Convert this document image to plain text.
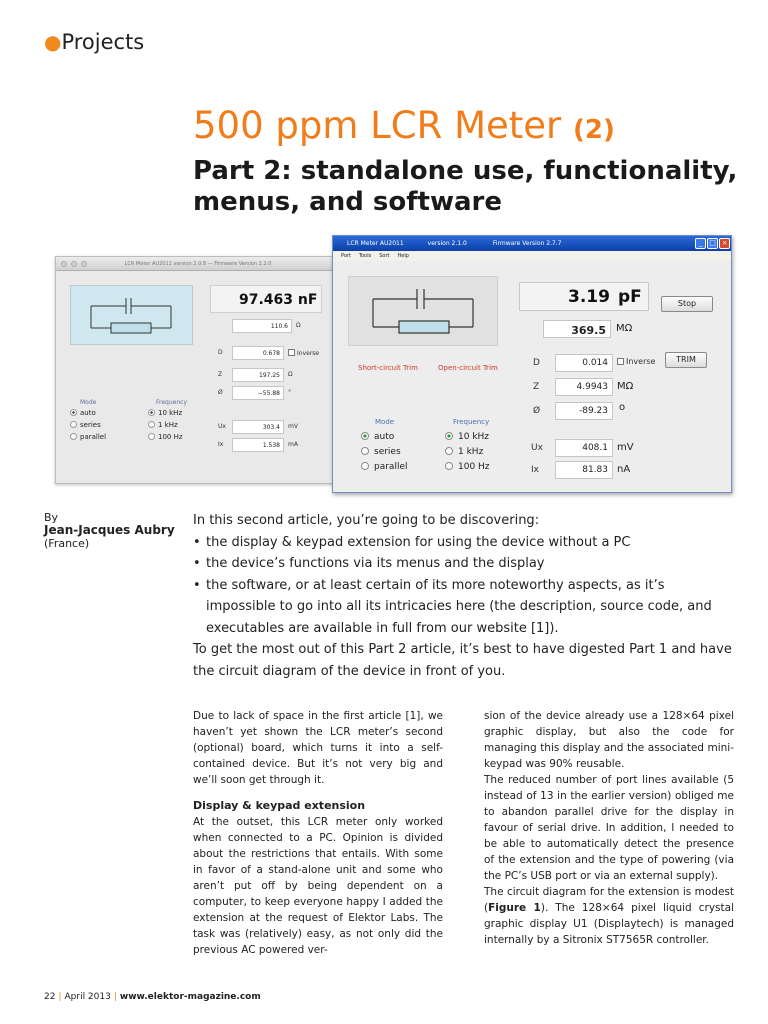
●Projects
500 ppm LCR Meter (2)
Part 2: standalone use, functionality, menus, and software
LCR Meter AU2011 version 2.0.8 — Firmware Version 2.2.0
97.463 nF
110.6	Ω
D	0.678	Inverse
Z	197.25	Ω
Ø	−55.88	°
Ux	303.4	mV
Ix	1.538	mA
Mode
auto
series
parallel
Frequency
10 kHz
1 kHz
100 Hz
LCR Meter AU2011	version 2.1.0	Firmware Version 2.7.7	_ □ ×
Port Tools Sort Help
3.19 pF	Stop
369.5	MΩ
Short-circuit Trim	Open-circuit Trim	D	0.014	Inverse	TRIM
Z	4.9943 MΩ
Ø	-89.23	o
Ux	408.1 mV
Ix	81.83 nA
Mode
auto
series
parallel
Frequency
10 kHz
1 kHz
100 Hz
By
Jean-Jacques Aubry
(France)

In this second article, you’re going to be discovering:

• the display & keypad extension for using the device without a PC
• the device’s functions via its menus and the display
• the software, or at least certain of its more noteworthy aspects, as it’s impossible to go into all its intricacies here (the description, source code, and executables are available in full from our website [1]).

To get the most out of this Part 2 article, it’s best to have digested Part 1 and have the circuit diagram of the device in front of you.

Due to lack of space in the first article [1], we haven’t yet shown the LCR meter’s second (optional) board, which turns it into a self-contained device. But it’s not very big and we’ll soon get through it.

Display & keypad extension

At the outset, this LCR meter only worked when connected to a PC. Opinion is divided about the restrictions that entails. With some in favor of a stand-alone unit and some who aren’t put off by being dependent on a computer, to keep everyone happy I added the extension at the request of Elektor Labs. The task was (relatively) easy, as not only did the previous AC powered ver-

sion of the device already use a 128×64 pixel graphic display, but also the code for managing this display and the associated mini-keypad was 90% reusable.

The reduced number of port lines available (5 instead of 13 in the earlier version) obliged me to abandon parallel drive for the display in favour of serial drive. In addition, I needed to be able to automatically detect the presence of the extension and the type of powering (via the PC’s USB port or via an external supply).

The circuit diagram for the extension is modest (Figure 1). The 128×64 pixel liquid crystal graphic display U1 (Displaytech) is managed internally by a Sitronix ST7565R controller.

22 | April 2013 | www.elektor-magazine.com
